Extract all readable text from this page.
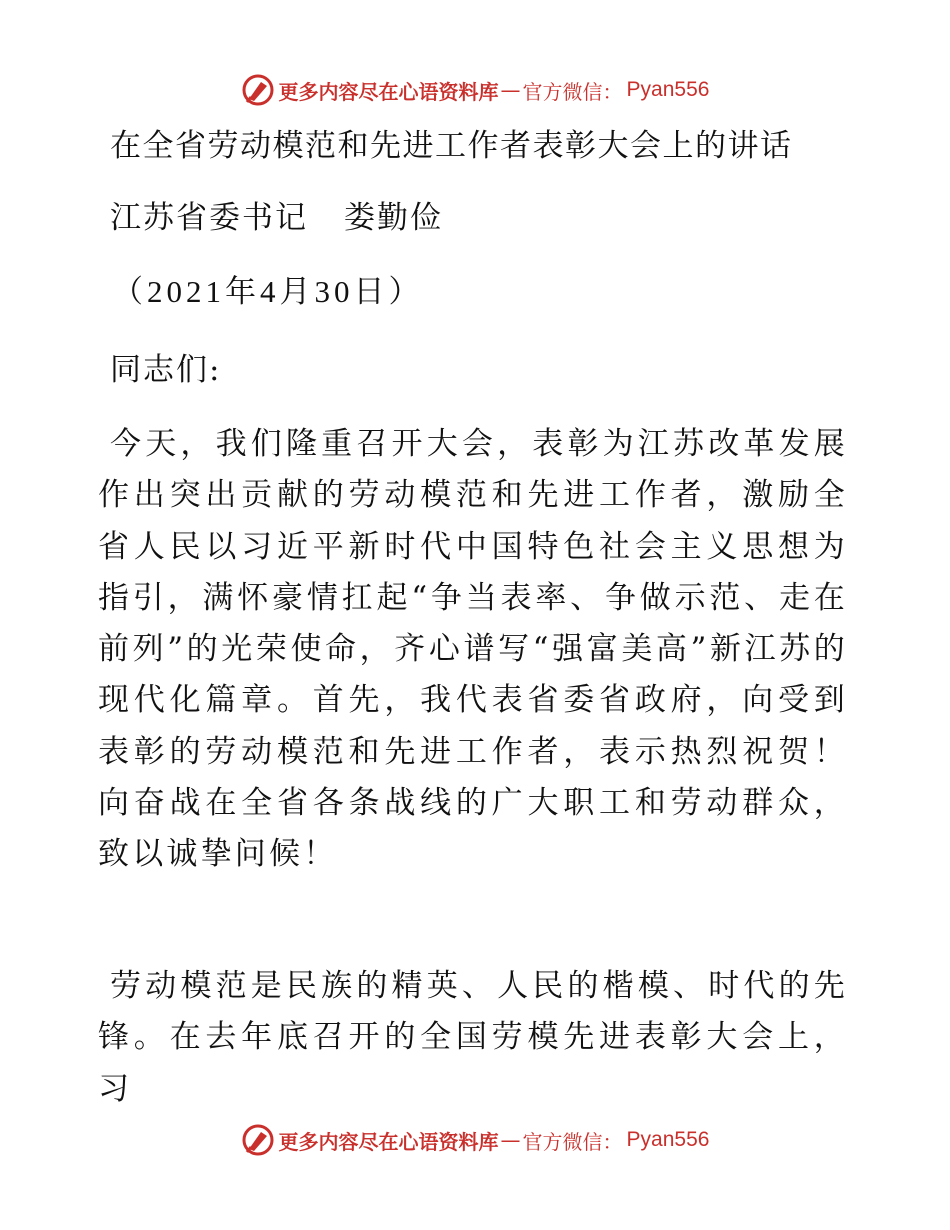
更多内容尽在心语资料库 — 官方微信： Pyan556
在全省劳动模范和先进工作者表彰大会上的讲话
江苏省委书记 娄勤俭
（2021年4月30日）
同志们:
今天，我们隆重召开大会，表彰为江苏改革发展作出突出贡献的劳动模范和先进工作者，激励全省人民以习近平新时代中国特色社会主义思想为指引，满怀豪情扛起“争当表率、争做示范、走在前列”的光荣使命，齐心谱写“强富美高”新江苏的现代化篇章。首先，我代表省委省政府，向受到表彰的劳动模范和先进工作者，表示热烈祝贺！向奋战在全省各条战线的广大职工和劳动群众，致以诚挚问候！
劳动模范是民族的精英、人民的楷模、时代的先锋。在去年底召开的全国劳模先进表彰大会上，习
更多内容尽在心语资料库 — 官方微信： Pyan556
